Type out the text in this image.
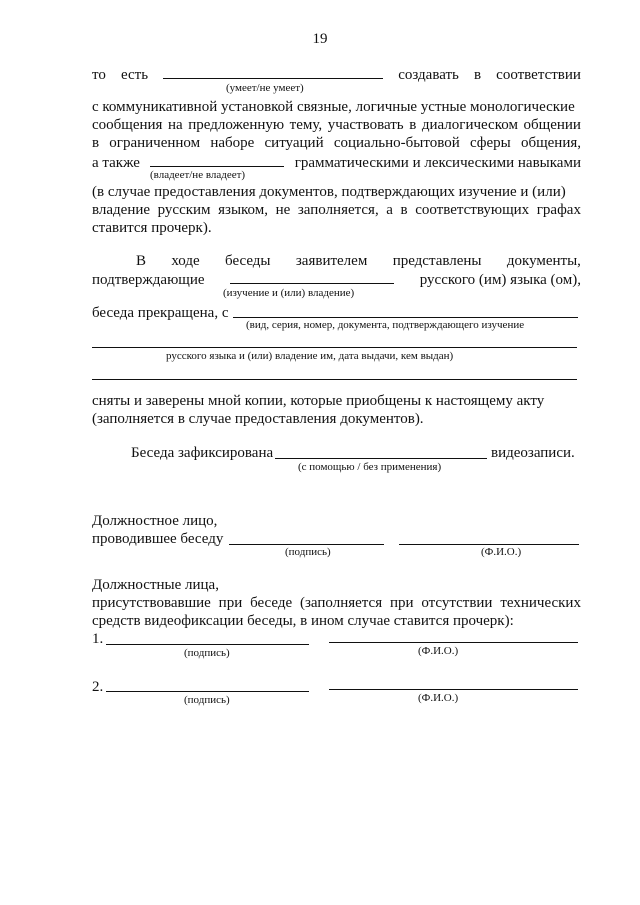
19
то есть	создавать в соответствии
(умеет/не умеет)
с коммуникативной установкой связные, логичные устные монологические
сообщения на предложенную тему, участвовать в диалогическом общении
в ограниченном наборе ситуаций социально-бытовой сферы общения,
а также	грамматическими и лексическими навыками
(владеет/не владеет)
(в случае предоставления документов, подтверждающих изучение и (или)
владение русским языком, не заполняется, а в соответствующих графах
ставится прочерк).
В ходе беседы заявителем представлены документы,
подтверждающие	русского (им) языка (ом),
(изучение и (или) владение)
беседа прекращена, с
(вид, серия, номер, документа, подтверждающего изучение
русского языка и (или) владение им, дата выдачи, кем выдан)
сняты и заверены мной копии, которые приобщены к настоящему акту
(заполняется в случае предоставления документов).
Беседа зафиксирована	видеозаписи.
(с помощью / без применения)
Должностное лицо,
проводившее беседу
(подпись)	(Ф.И.О.)
Должностные лица,
присутствовавшие при беседе (заполняется при отсутствии технических
средств видеофиксации беседы, в ином случае ставится прочерк):
1.
(подпись)	(Ф.И.О.)
2.
(подпись)	(Ф.И.О.)
